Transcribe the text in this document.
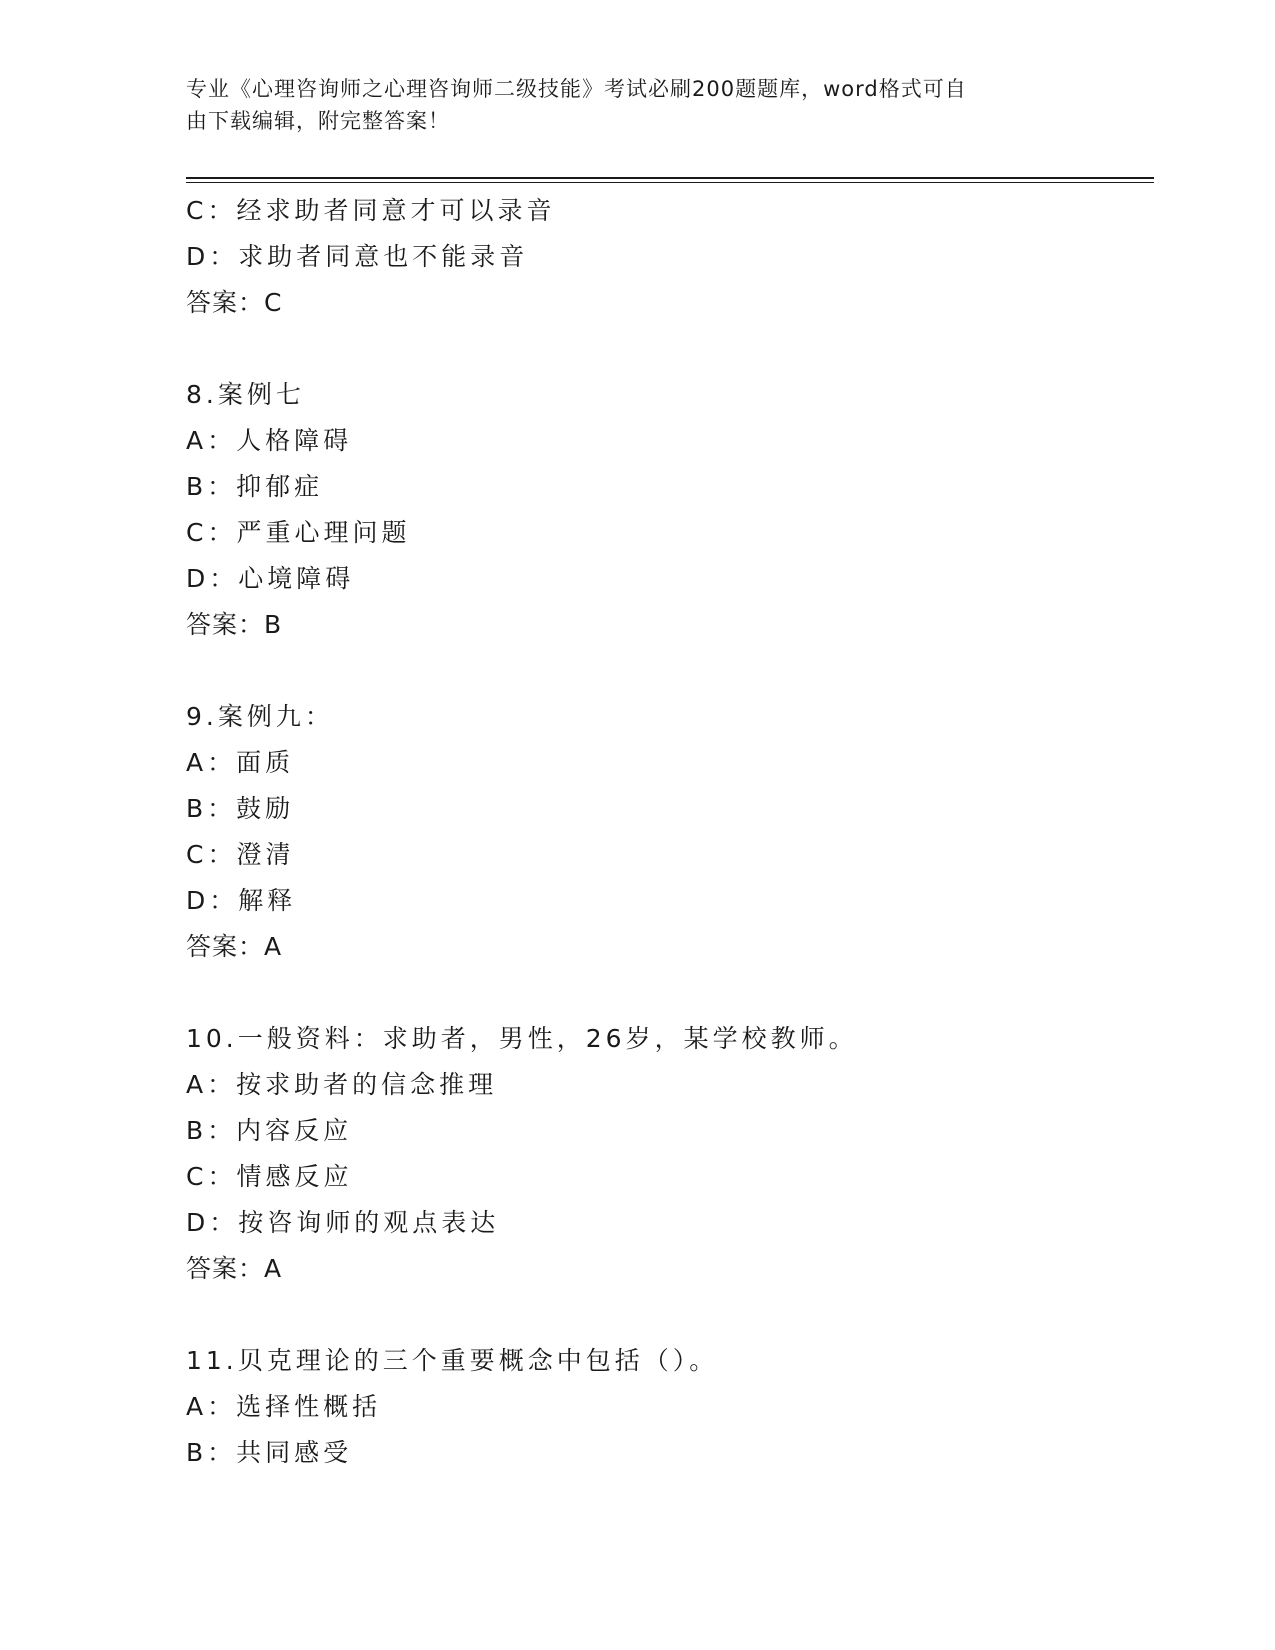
专业《心理咨询师之心理咨询师二级技能》考试必刷200题题库，word格式可自
由下载编辑，附完整答案！
C：经求助者同意才可以录音
D：求助者同意也不能录音
答案：C
8.案例七
A：人格障碍
B：抑郁症
C：严重心理问题
D：心境障碍
答案：B
9.案例九：
A：面质
B：鼓励
C：澄清
D：解释
答案：A
10.一般资料：求助者，男性，26岁，某学校教师。
A：按求助者的信念推理
B：内容反应
C：情感反应
D：按咨询师的观点表达
答案：A
11.贝克理论的三个重要概念中包括（）。
A：选择性概括
B：共同感受
